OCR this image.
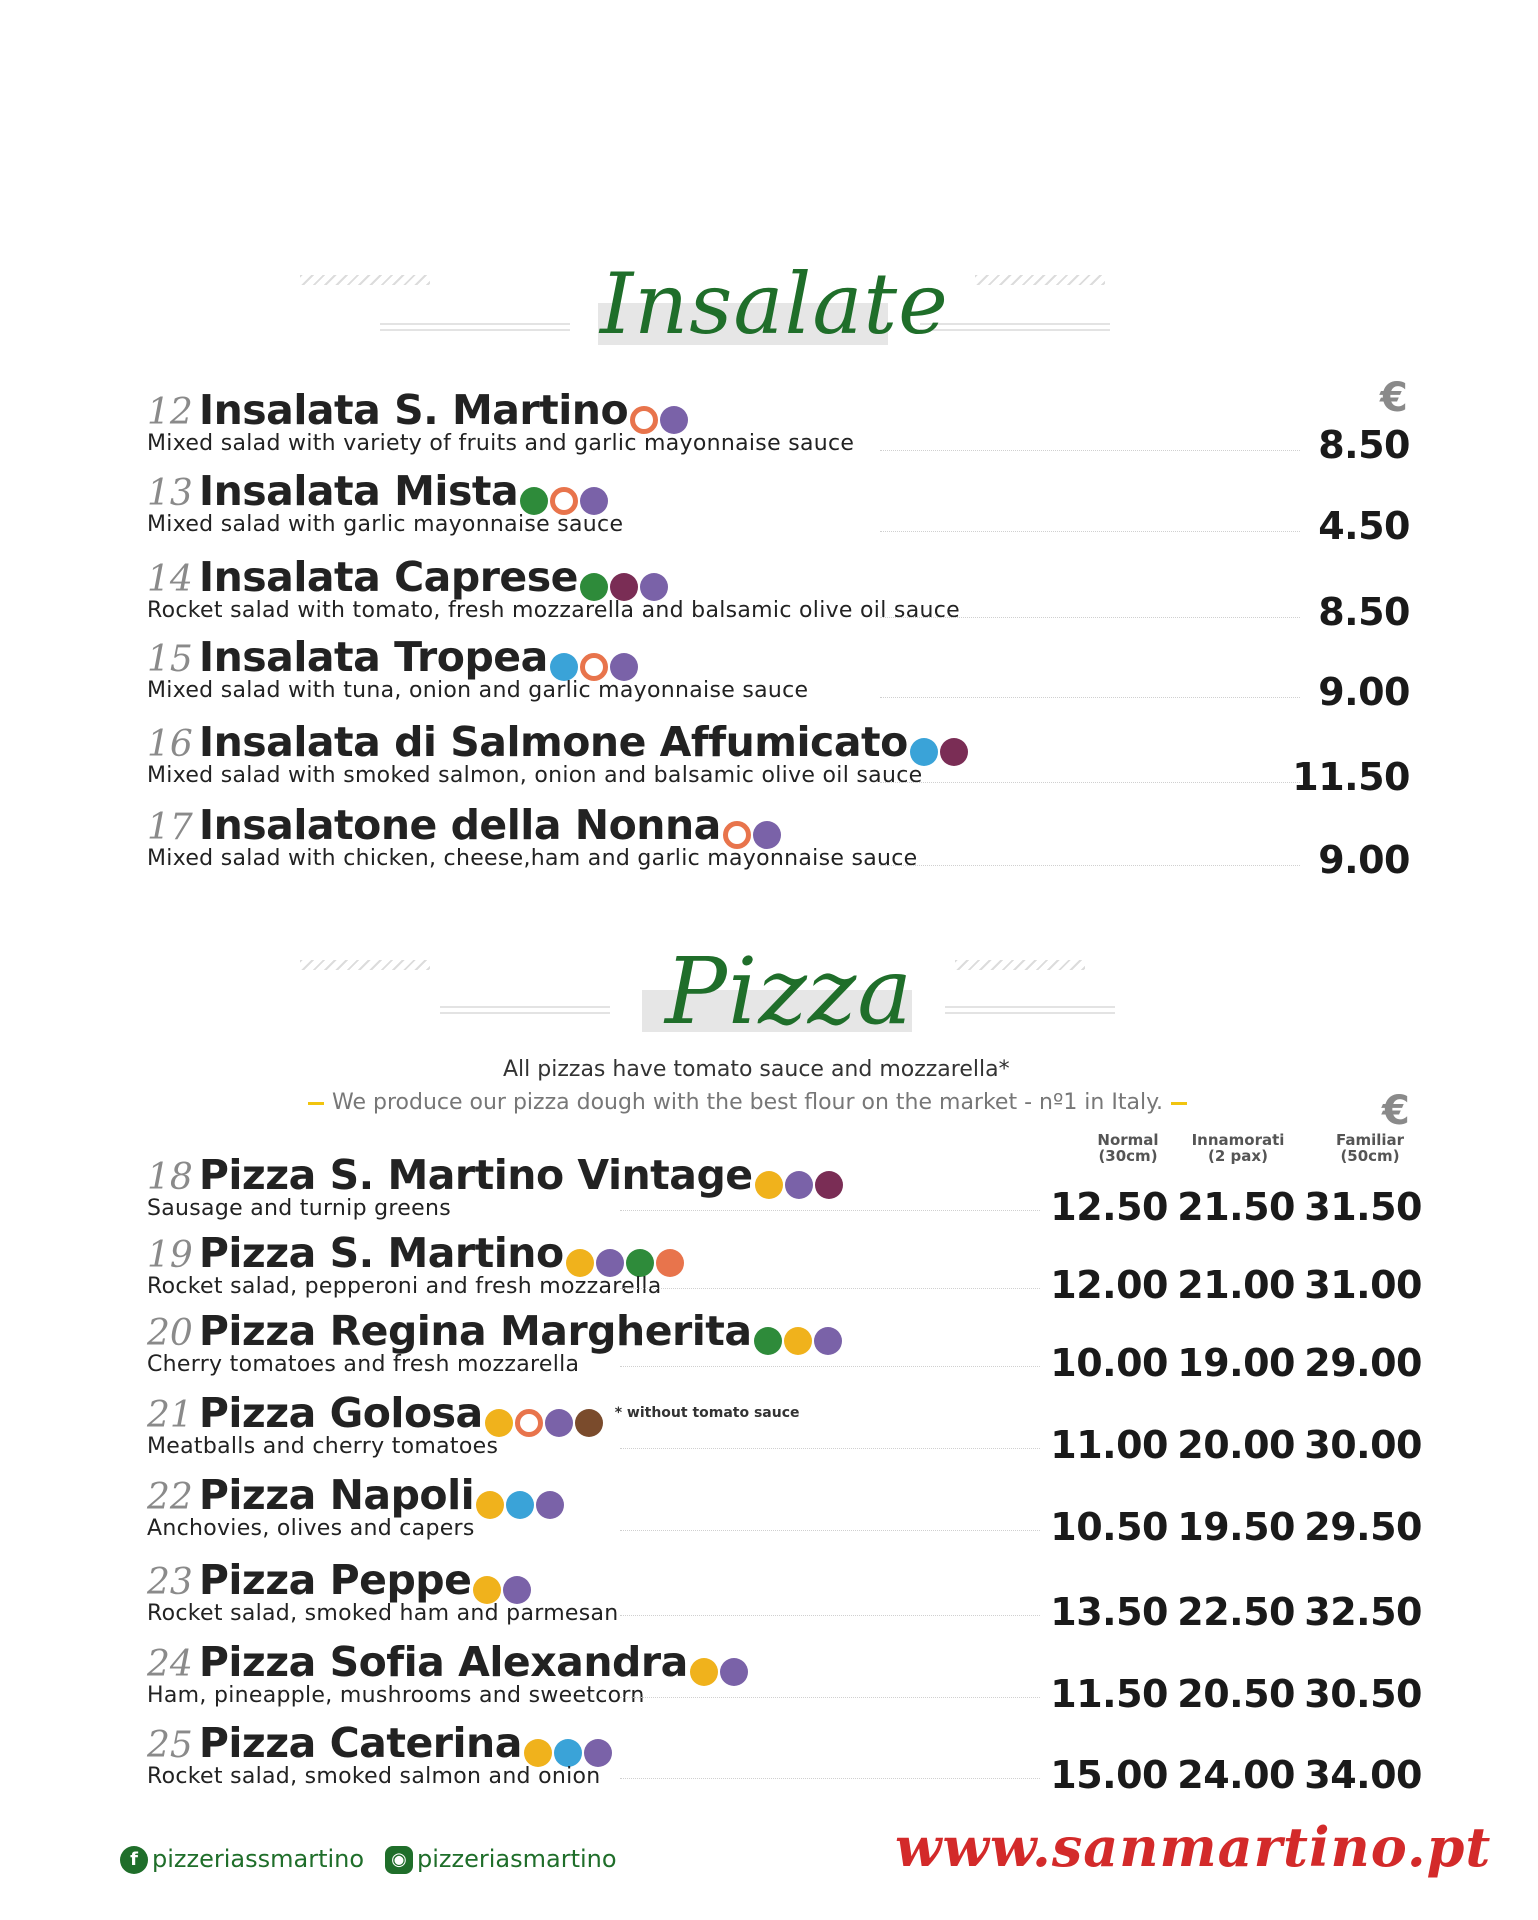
Insalate
€
12 Insalata S. Martino
Mixed salad with variety of fruits and garlic mayonnaise sauce	8.50
13 Insalata Mista
Mixed salad with garlic mayonnaise sauce	4.50
14 Insalata Caprese
Rocket salad with tomato, fresh mozzarella and balsamic olive oil sauce	8.50
15 Insalata Tropea
Mixed salad with tuna, onion and garlic mayonnaise sauce	9.00
16 Insalata di Salmone Affumicato
Mixed salad with smoked salmon, onion and balsamic olive oil sauce	11.50
17 Insalatone della Nonna
Mixed salad with chicken, cheese,ham and garlic mayonnaise sauce	9.00
Pizza
All pizzas have tomato sauce and mozzarella*
We produce our pizza dough with the best flour on the market - nº1 in Italy.	€
Normal
(30cm)
Innamorati
(2 pax)
Familiar
(50cm)
18 Pizza S. Martino Vintage
Sausage and turnip greens	12.50 21.50 31.50
19 Pizza S. Martino
Rocket salad, pepperoni and fresh mozzarella	12.00 21.00 31.00
20 Pizza Regina Margherita
Cherry tomatoes and fresh mozzarella	10.00 19.00 29.00
21 Pizza Golosa	* without tomato sauce
Meatballs and cherry tomatoes	11.00 20.00 30.00
22 Pizza Napoli
Anchovies, olives and capers	10.50 19.50 29.50
23 Pizza Peppe
Rocket salad, smoked ham and parmesan	13.50 22.50 32.50
24 Pizza Sofia Alexandra
Ham, pineapple, mushrooms and sweetcorn	11.50 20.50 30.50
25 Pizza Caterina
Rocket salad, smoked salmon and onion	15.00 24.00 34.00
f pizzeriassmartino	◉ pizzeriasmartino	www.sanmartino.pt
